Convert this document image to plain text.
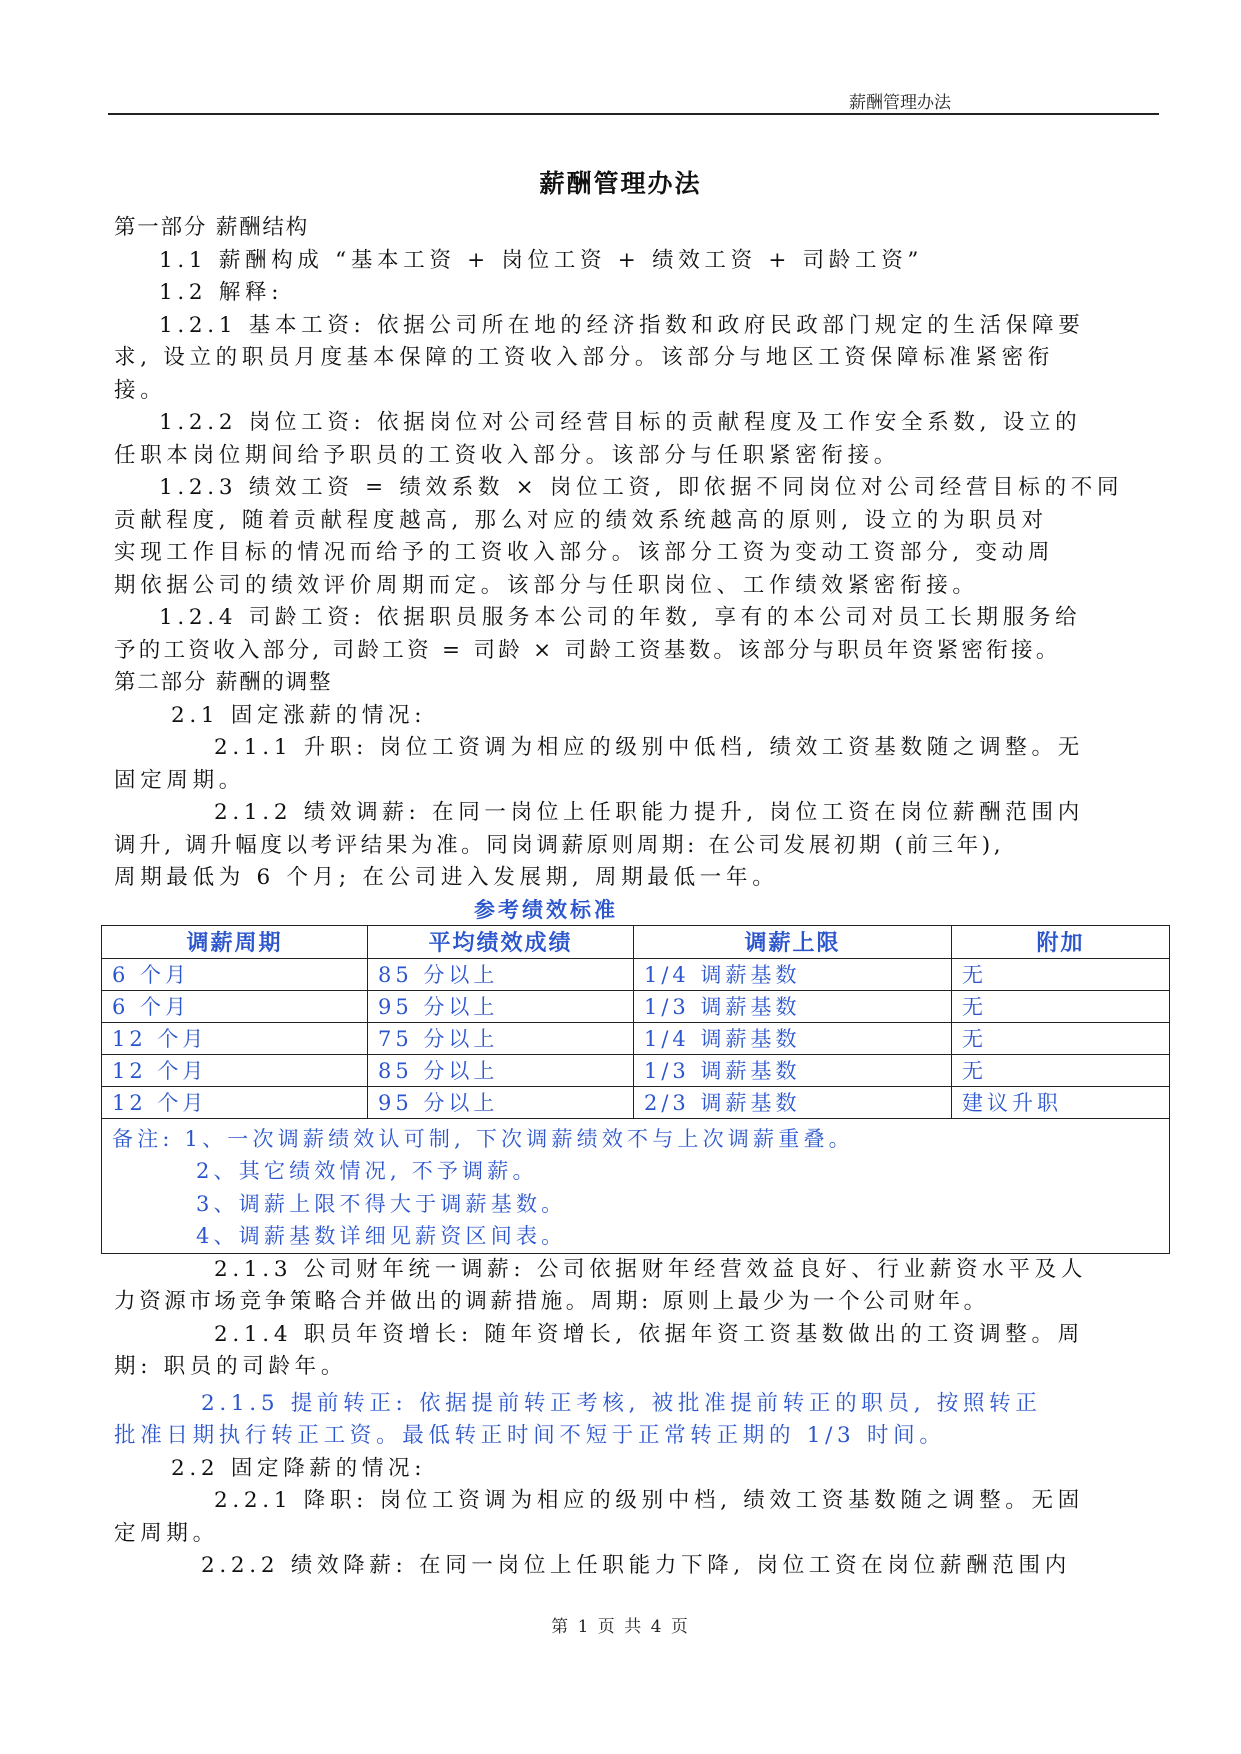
薪酬管理办法
薪酬管理办法
第一部分 薪酬结构
1.1 薪酬构成 “基本工资 + 岗位工资 + 绩效工资 + 司龄工资”
1.2 解释:
1.2.1 基本工资: 依据公司所在地的经济指数和政府民政部门规定的生活保障要
求, 设立的职员月度基本保障的工资收入部分。该部分与地区工资保障标准紧密衔
接。
1.2.2 岗位工资: 依据岗位对公司经营目标的贡献程度及工作安全系数, 设立的
任职本岗位期间给予职员的工资收入部分。该部分与任职紧密衔接。
1.2.3 绩效工资 = 绩效系数 × 岗位工资, 即依据不同岗位对公司经营目标的不同
贡献程度, 随着贡献程度越高, 那么对应的绩效系统越高的原则, 设立的为职员对
实现工作目标的情况而给予的工资收入部分。该部分工资为变动工资部分, 变动周
期依据公司的绩效评价周期而定。该部分与任职岗位、工作绩效紧密衔接。
1.2.4 司龄工资: 依据职员服务本公司的年数, 享有的本公司对员工长期服务给
予的工资收入部分, 司龄工资 = 司龄 × 司龄工资基数。该部分与职员年资紧密衔接。
第二部分 薪酬的调整
2.1 固定涨薪的情况:
2.1.1 升职: 岗位工资调为相应的级别中低档, 绩效工资基数随之调整。无
固定周期。
2.1.2 绩效调薪: 在同一岗位上任职能力提升, 岗位工资在岗位薪酬范围内
调升, 调升幅度以考评结果为准。同岗调薪原则周期: 在公司发展初期 (前三年),
周期最低为 6 个月; 在公司进入发展期, 周期最低一年。
参考绩效标准
调薪周期	平均绩效成绩	调薪上限	附加
6 个月	85 分以上	1/4 调薪基数	无
6 个月	95 分以上	1/3 调薪基数	无
12 个月	75 分以上	1/4 调薪基数	无
12 个月	85 分以上	1/3 调薪基数	无
12 个月	95 分以上	2/3 调薪基数	建议升职

备注: 1、一次调薪绩效认可制, 下次调薪绩效不与上次调薪重叠。
2、其它绩效情况, 不予调薪。
3、调薪上限不得大于调薪基数。
4、调薪基数详细见薪资区间表。			
2.1.3 公司财年统一调薪: 公司依据财年经营效益良好、行业薪资水平及人
力资源市场竞争策略合并做出的调薪措施。周期: 原则上最少为一个公司财年。
2.1.4 职员年资增长: 随年资增长, 依据年资工资基数做出的工资调整。周
期: 职员的司龄年。
2.1.5 提前转正: 依据提前转正考核, 被批准提前转正的职员, 按照转正
批准日期执行转正工资。最低转正时间不短于正常转正期的 1/3 时间。
2.2 固定降薪的情况:
2.2.1 降职: 岗位工资调为相应的级别中档, 绩效工资基数随之调整。无固
定周期。
2.2.2 绩效降薪: 在同一岗位上任职能力下降, 岗位工资在岗位薪酬范围内
第 1 页 共 4 页
